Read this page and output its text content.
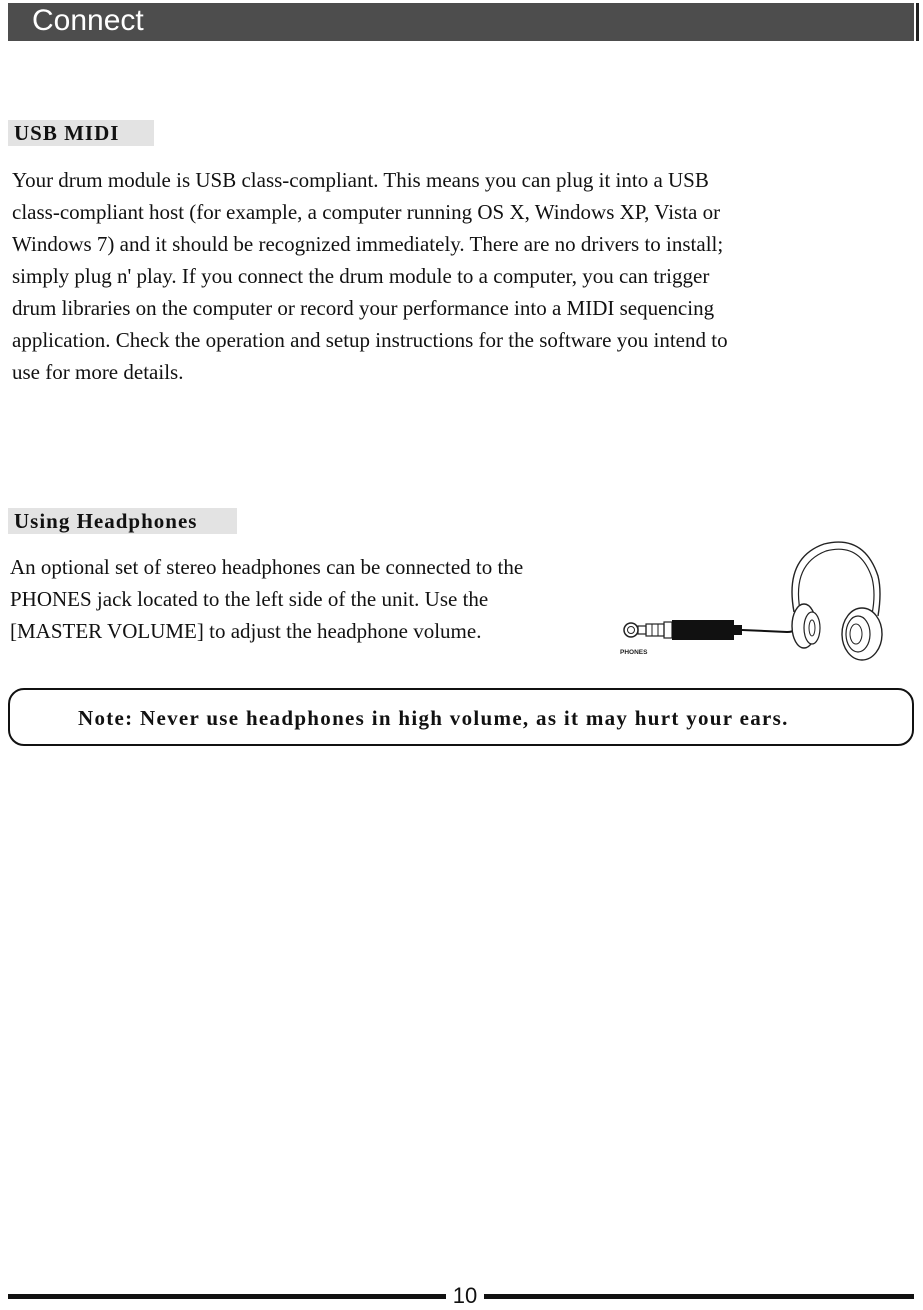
Connect
USB MIDI
Your drum module is USB class-compliant. This means you can plug it into a USB
class-compliant host (for example, a computer running OS X, Windows XP, Vista or
Windows 7) and it should be recognized immediately. There are no drivers to install;
simply plug n' play. If you connect the drum module to a computer, you can trigger
drum libraries on the computer or record your performance into a MIDI sequencing
application. Check the operation and setup instructions for the software you intend to
use for more details.
Using Headphones
An optional set of stereo headphones can be connected to the
PHONES jack located to the left side of the unit. Use the
[MASTER VOLUME] to adjust the headphone volume.
PHONES
Note: Never use headphones in high volume, as it may hurt your ears.
10
